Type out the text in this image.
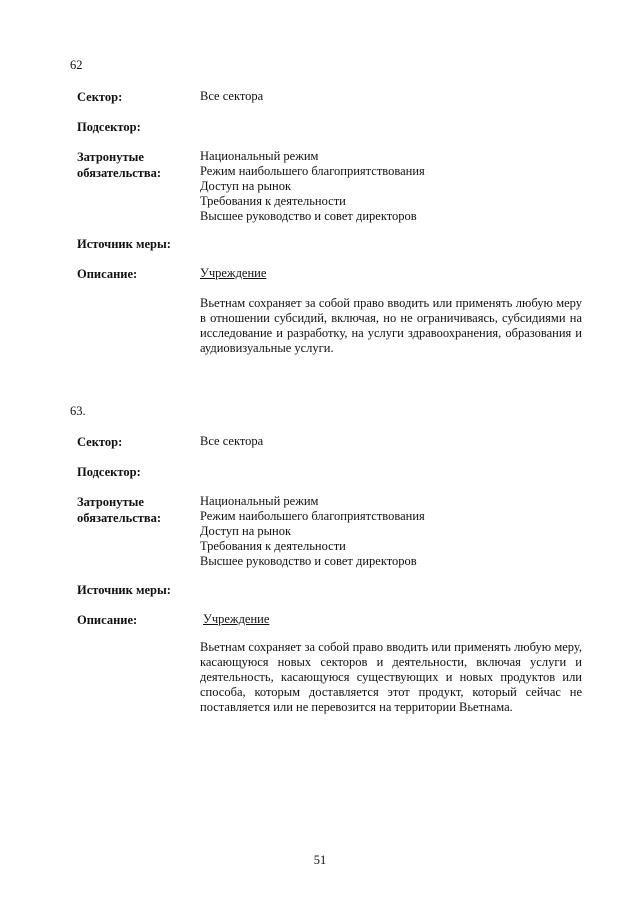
62
Сектор:	Все сектора
Подсектор:
Затронутые
обязательства:
Национальный режим
Режим наибольшего благоприятствования
Доступ на рынок
Требования к деятельности
Высшее руководство и совет директоров
Источник меры:
Описание:	Учреждение
Вьетнам сохраняет за собой право вводить или применять любую меру в отношении субсидий, включая, но не ограничиваясь, субсидиями на исследование и разработку, на услуги здравоохранения, образования и аудиовизуальные услуги.
63.
Сектор:	Все сектора
Подсектор:
Затронутые
обязательства:
Национальный режим
Режим наибольшего благоприятствования
Доступ на рынок
Требования к деятельности
Высшее руководство и совет директоров
Источник меры:
Описание:	Учреждение
Вьетнам сохраняет за собой право вводить или применять любую меру, касающуюся новых секторов и деятельности, включая услуги и деятельность, касающуюся существующих и новых продуктов или способа, которым доставляется этот продукт, который сейчас не поставляется или не перевозится на территории Вьетнама.
51
